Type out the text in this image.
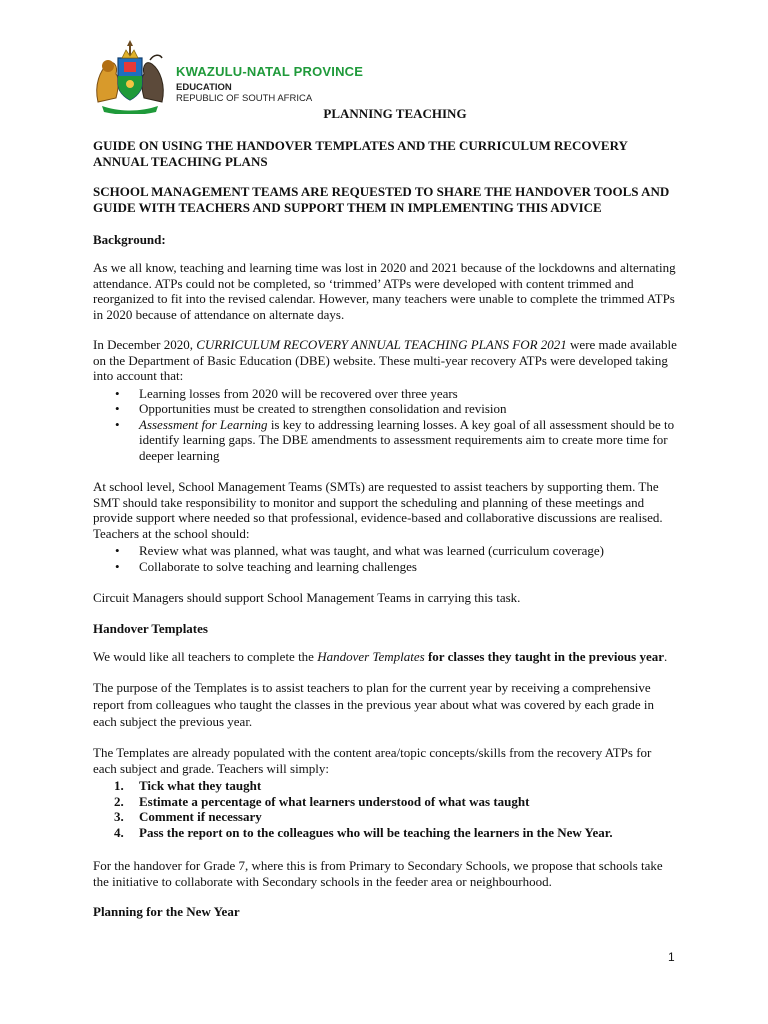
KWAZULU-NATAL PROVINCE
EDUCATION
REPUBLIC OF SOUTH AFRICA
PLANNING TEACHING
GUIDE ON USING THE HANDOVER TEMPLATES AND THE CURRICULUM RECOVERY ANNUAL TEACHING PLANS
SCHOOL MANAGEMENT TEAMS ARE REQUESTED TO SHARE THE HANDOVER TOOLS AND GUIDE WITH TEACHERS AND SUPPORT THEM IN IMPLEMENTING THIS ADVICE
Background:

As we all know, teaching and learning time was lost in 2020 and 2021 because of the lockdowns and alternating attendance. ATPs could not be completed, so ‘trimmed’ ATPs were developed with content trimmed and reorganized to fit into the revised calendar. However, many teachers were unable to complete the trimmed ATPs in 2020 because of attendance on alternate days.

In December 2020, CURRICULUM RECOVERY ANNUAL TEACHING PLANS FOR 2021 were made available on the Department of Basic Education (DBE) website. These multi-year recovery ATPs were developed taking into account that:

• Learning losses from 2020 will be recovered over three years
• Opportunities must be created to strengthen consolidation and revision
• Assessment for Learning is key to addressing learning losses. A key goal of all assessment should be to identify learning gaps. The DBE amendments to assessment requirements aim to create more time for deeper learning

At school level, School Management Teams (SMTs) are requested to assist teachers by supporting them. The SMT should take responsibility to monitor and support the scheduling and planning of these meetings and provide support where needed so that professional, evidence-based and collaborative discussions are realised. Teachers at the school should:

• Review what was planned, what was taught, and what was learned (curriculum coverage)
• Collaborate to solve teaching and learning challenges

Circuit Managers should support School Management Teams in carrying this task.

Handover Templates

We would like all teachers to complete the Handover Templates for classes they taught in the previous year.

The purpose of the Templates is to assist teachers to plan for the current year by receiving a comprehensive report from colleagues who taught the classes in the previous year about what was covered by each grade in each subject the previous year.

The Templates are already populated with the content area/topic concepts/skills from the recovery ATPs for each subject and grade. Teachers will simply:

1. Tick what they taught
2. Estimate a percentage of what learners understood of what was taught
3. Comment if necessary
4. Pass the report on to the colleagues who will be teaching the learners in the New Year.

For the handover for Grade 7, where this is from Primary to Secondary Schools, we propose that schools take the initiative to collaborate with Secondary schools in the feeder area or neighbourhood.

Planning for the New Year
1
